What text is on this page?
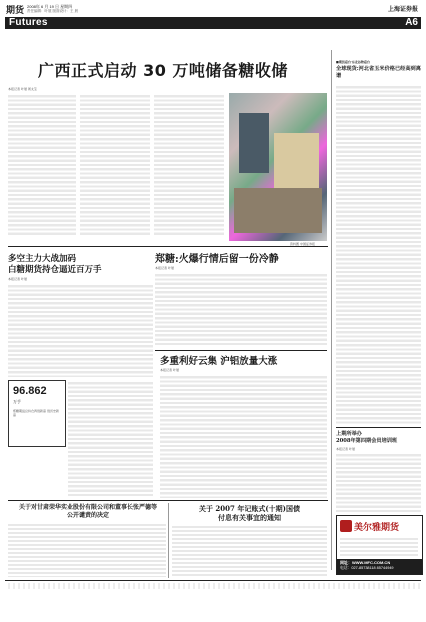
期货 2008年 6 月 19 日 星期四
责任编辑：叶展 版面设计：王 晨	上海证券报
Futures	A6
广西正式启动 30 万吨储备糖收储
本报记者 叶展 周太宝
资料图 中国证券报
■期货看台·东北谷物看台
全球现货:河北省玉米价格已经高到离谱
上期所举办
2008年第四期会员培训班
本报记者 叶展
美尔雅期货
网址：WWW.MFC.COM.CN
电话：027-85738118 85744949
郑糖:火爆行情后留一份冷静
本报记者 叶展
多空主力大战加码
白糖期货持仓逼近百万手
本报记者 叶展
96.862
万手
郑糖期货总持仓再创新高 创历史新高
多重利好云集 沪铝放量大涨
本报记者 叶展
关于对甘肃荣华实业股份有限公司和董事长张严德等
公开谴责的决定
关于 2007 年记账式(十期)国债
付息有关事宜的通知
